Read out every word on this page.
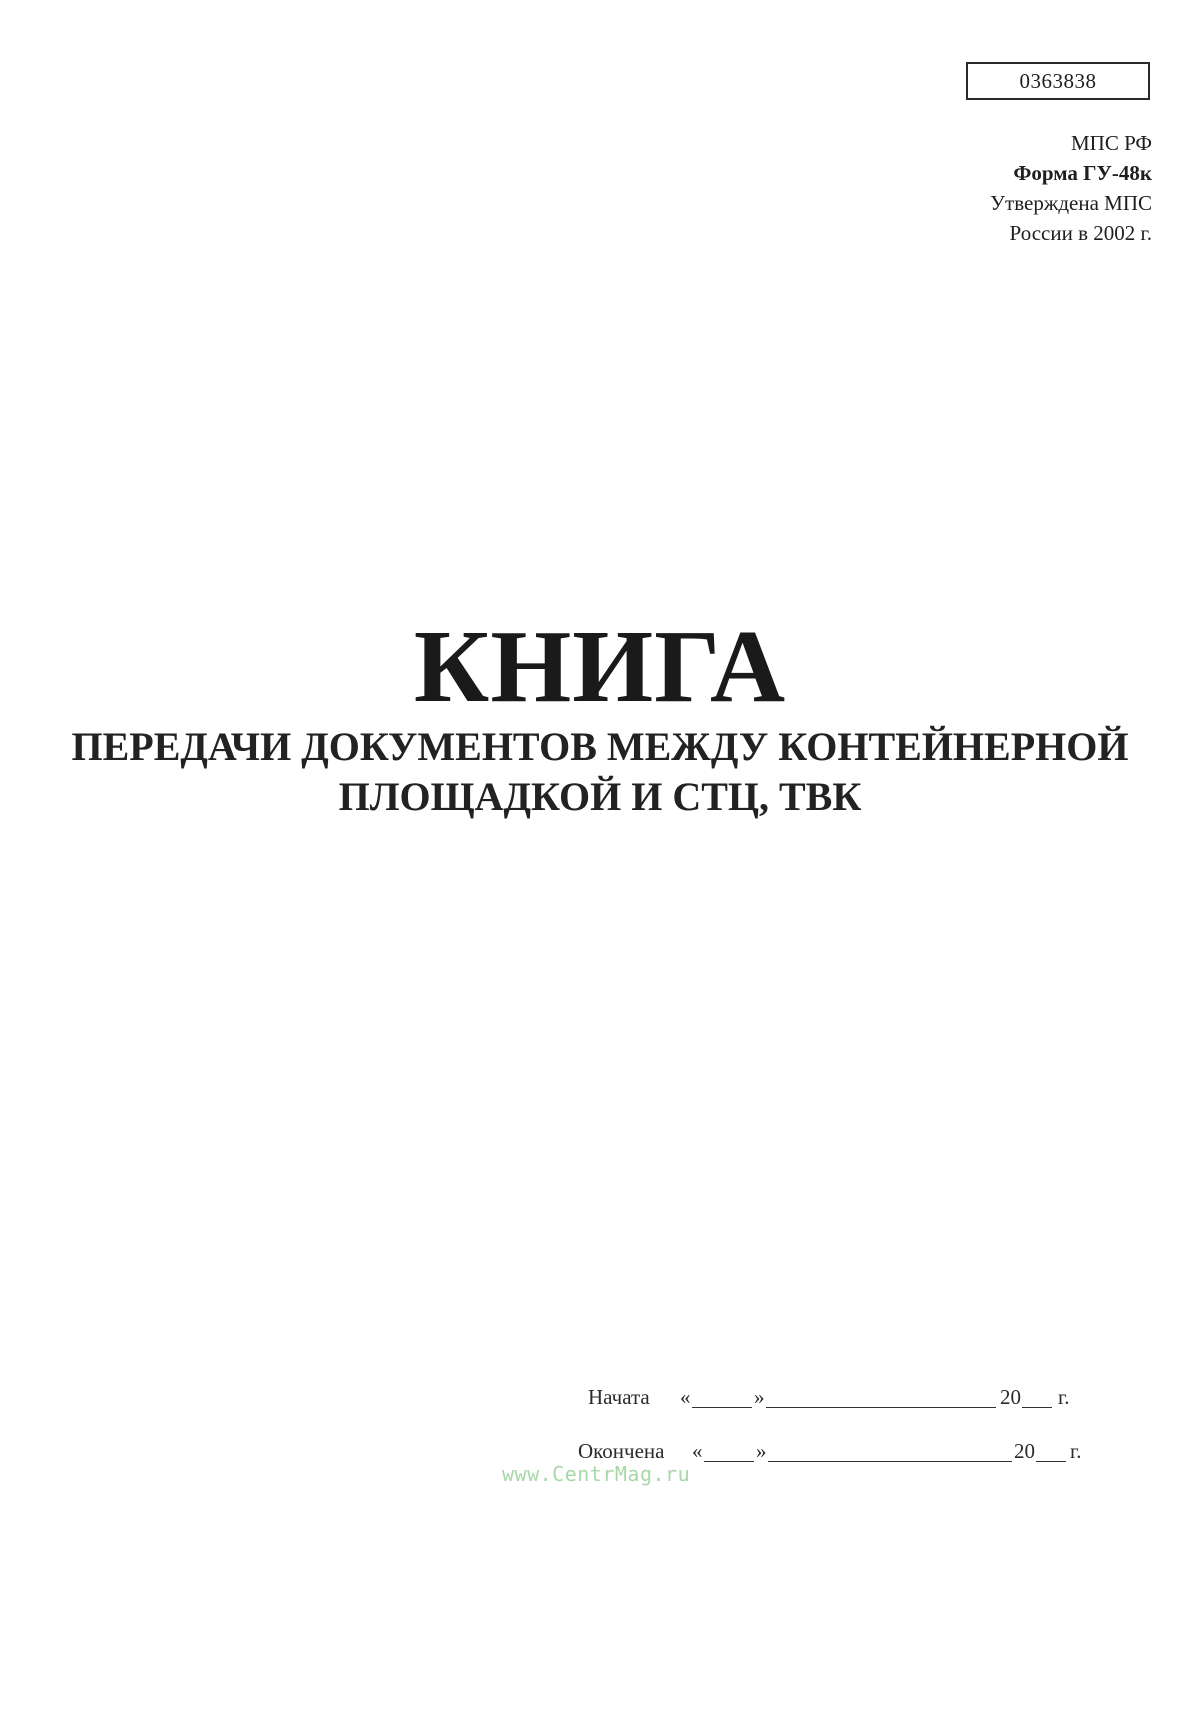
0363838
МПС РФ
Форма ГУ-48к
Утверждена МПС
России в 2002 г.
КНИГА
ПЕРЕДАЧИ ДОКУМЕНТОВ МЕЖДУ КОНТЕЙНЕРНОЙ
ПЛОЩАДКОЙ И СТЦ, ТВК
Начата «	»	20 г.
Окончена «	»	20 г.
www.CentrMag.ru
